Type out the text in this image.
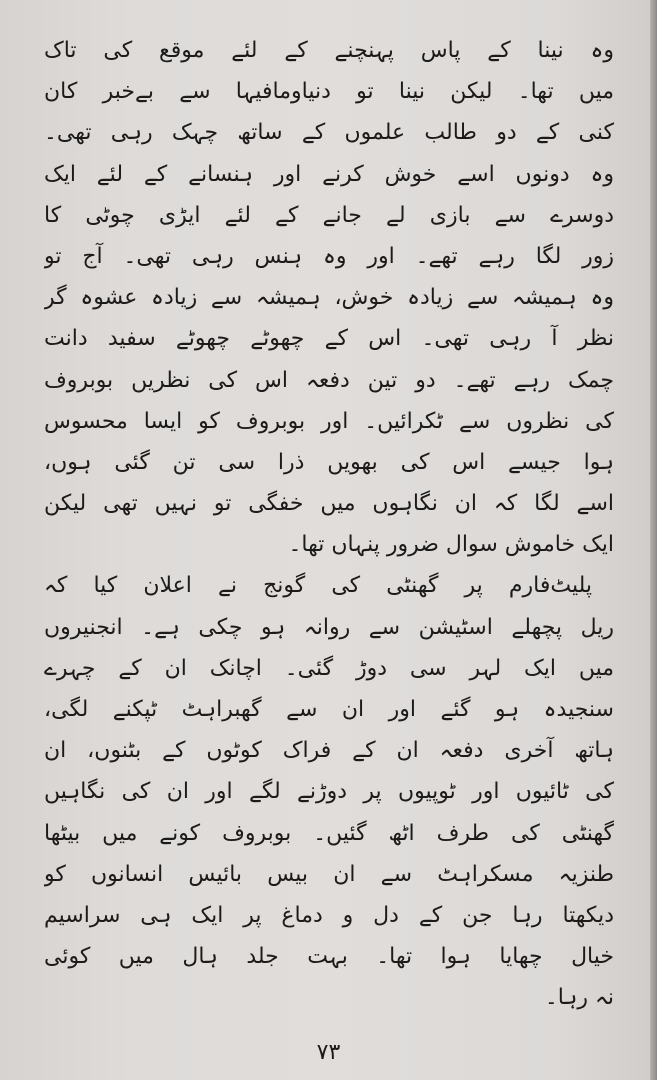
وہ نینا کے پاس پہنچنے کے لئے موقع کی تاک
میں تھا۔ لیکن نینا تو دنیاومافیہا سے بےخبر کان
کنی کے دو طالب علموں کے ساتھ چہک رہی تھی۔
وہ دونوں اسے خوش کرنے اور ہنسانے کے لئے ایک
دوسرے سے بازی لے جانے کے لئے ایڑی چوٹی کا
زور لگا رہے تھے۔ اور وہ ہنس رہی تھی۔ آج تو
وہ ہمیشہ سے زیادہ خوش، ہمیشہ سے زیادہ عشوہ گر
نظر آ رہی تھی۔ اس کے چھوٹے چھوٹے سفید دانت
چمک رہے تھے۔ دو تین دفعہ اس کی نظریں بوبروف
کی نظروں سے ٹکرائیں۔ اور بوبروف کو ایسا محسوس
ہوا جیسے اس کی بھویں ذرا سی تن گئی ہوں،
اسے لگا کہ ان نگاہوں میں خفگی تو نہیں تھی لیکن
ایک خاموش سوال ضرور پنہاں تھا۔
پلیٹ‌فارم پر گھنٹی کی گونج نے اعلان کیا کہ
ریل پچھلے اسٹیشن سے روانہ ہو چکی ہے۔ انجنیروں
میں ایک لہر سی دوڑ گئی۔ اچانک ان کے چہرے
سنجیدہ ہو گئے اور ان سے گھبراہٹ ٹپکنے لگی،
ہاتھ آخری دفعہ ان کے فراک کوٹوں کے بٹنوں، ان
کی ٹائیوں اور ٹوپیوں پر دوڑنے لگے اور ان کی نگاہیں
گھنٹی کی طرف اٹھ گئیں۔ بوبروف کونے میں بیٹھا
طنزیہ مسکراہٹ سے ان بیس بائیس انسانوں کو
دیکھتا رہا جن کے دل و دماغ پر ایک ہی سراسیم
خیال چھایا ہوا تھا۔ بہت جلد ہال میں کوئی
نہ رہا۔
۷۳
